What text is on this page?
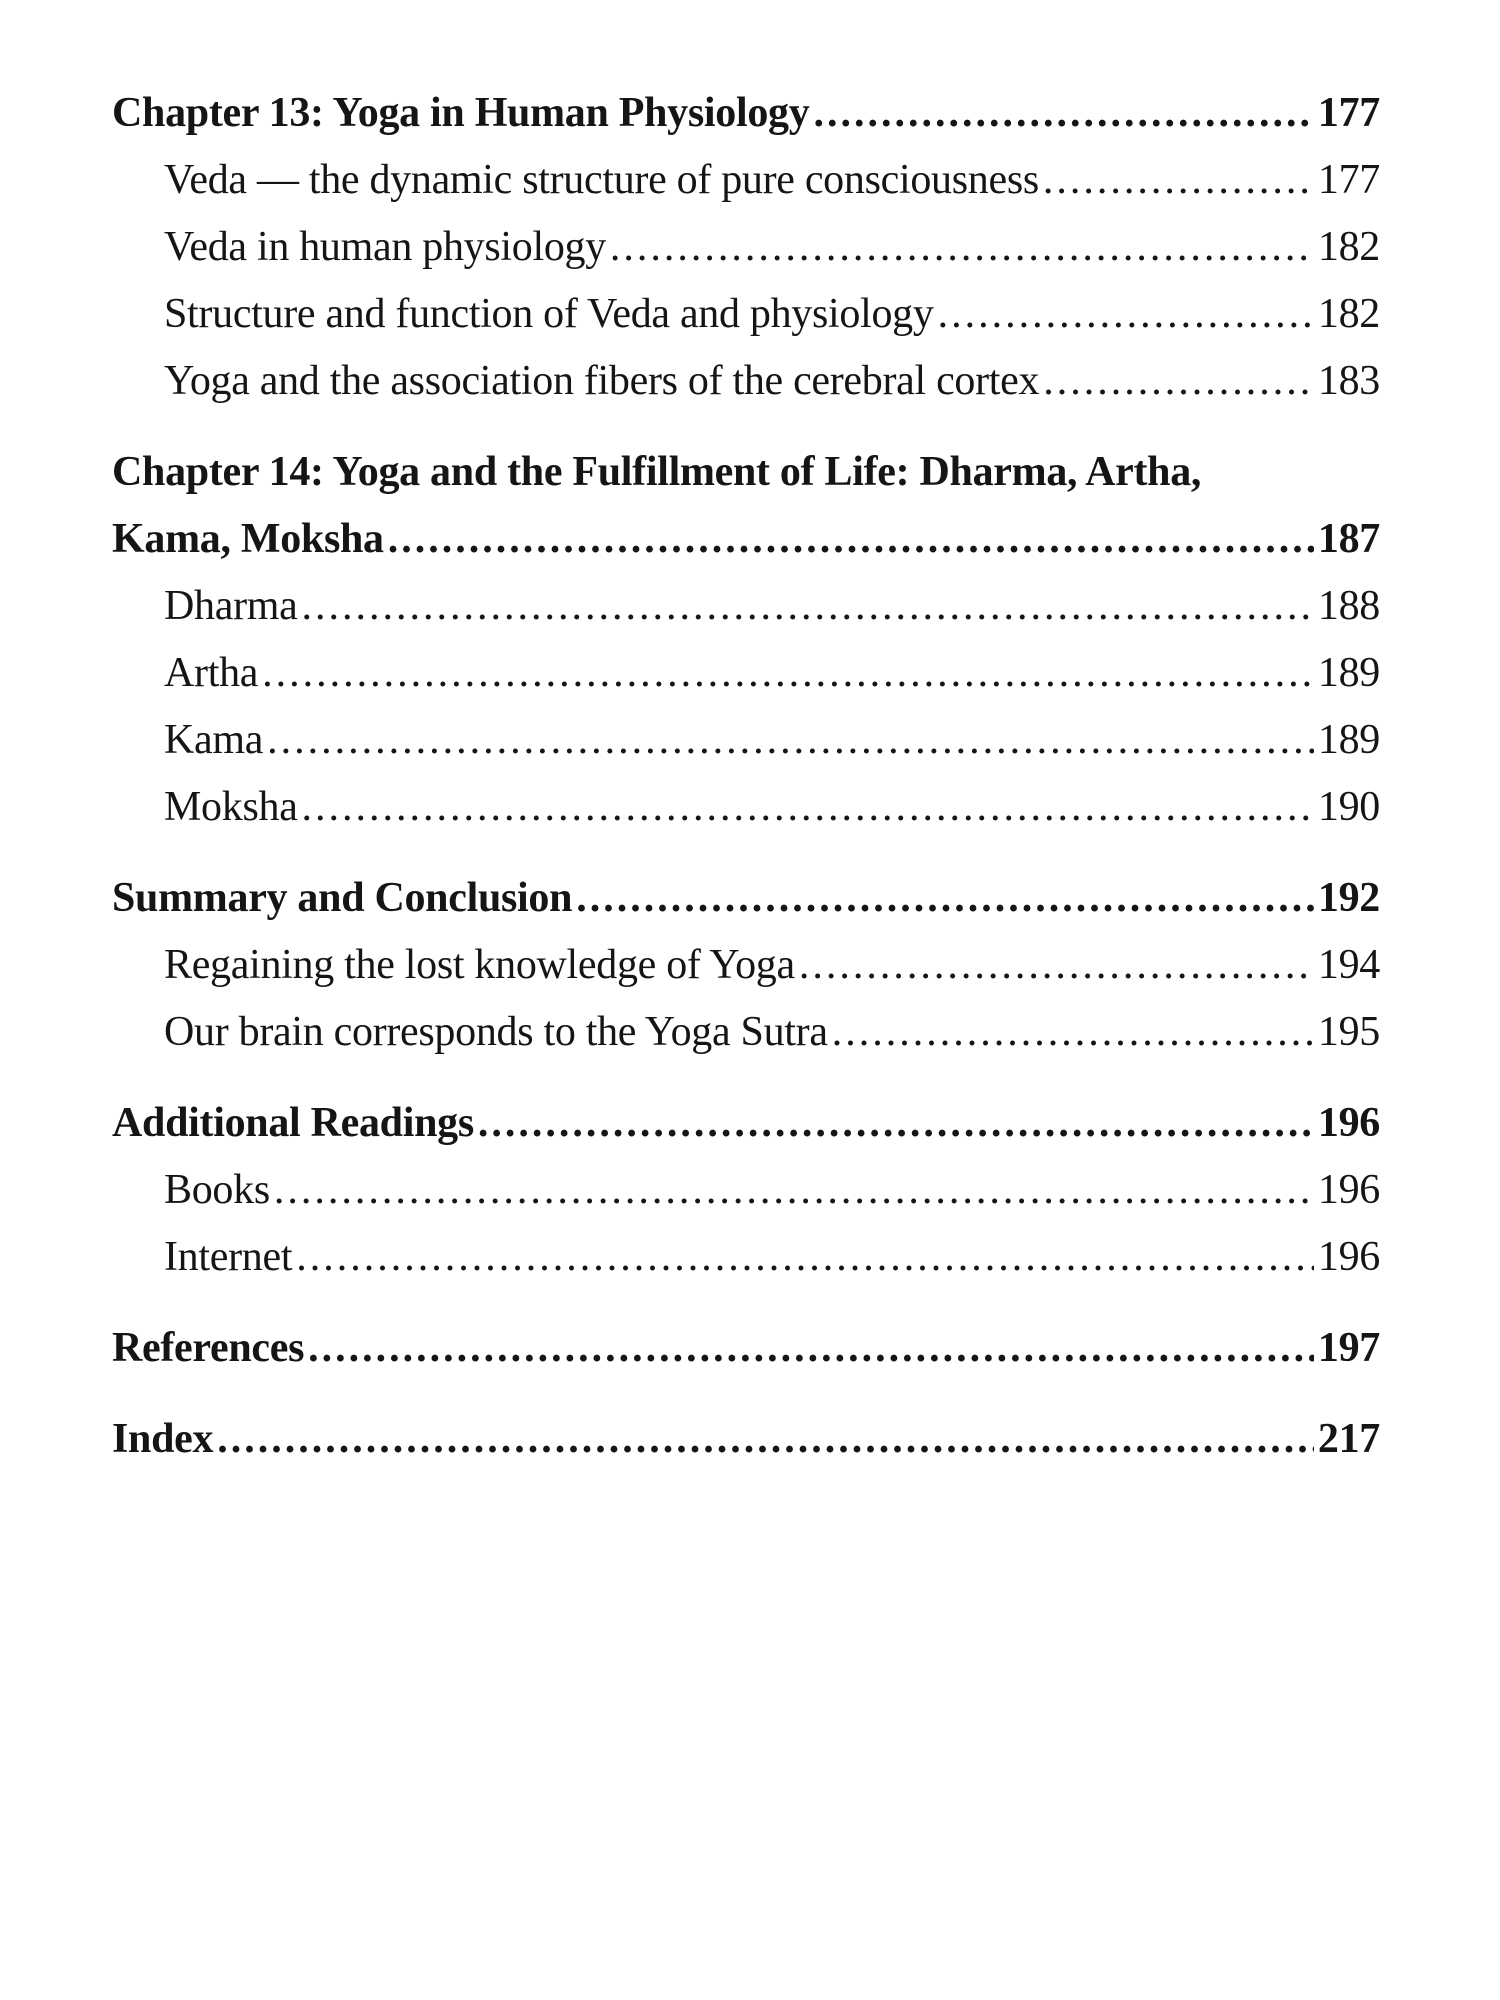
Chapter 13: Yoga in Human Physiology .....	177
Veda — the dynamic structure of pure consciousness .....	177
Veda in human physiology .....	182
Structure and function of Veda and physiology .....	182
Yoga and the association fibers of the cerebral cortex .....	183
Chapter 14: Yoga and the Fulfillment of Life: Dharma, Artha,
Kama, Moksha .....	187
Dharma .....	188
Artha .....	189
Kama .....	189
Moksha .....	190
Summary and Conclusion .....	192
Regaining the lost knowledge of Yoga .....	194
Our brain corresponds to the Yoga Sutra .....	195
Additional Readings .....	196
Books .....	196
Internet .....	196
References .....	197
Index .....	217
